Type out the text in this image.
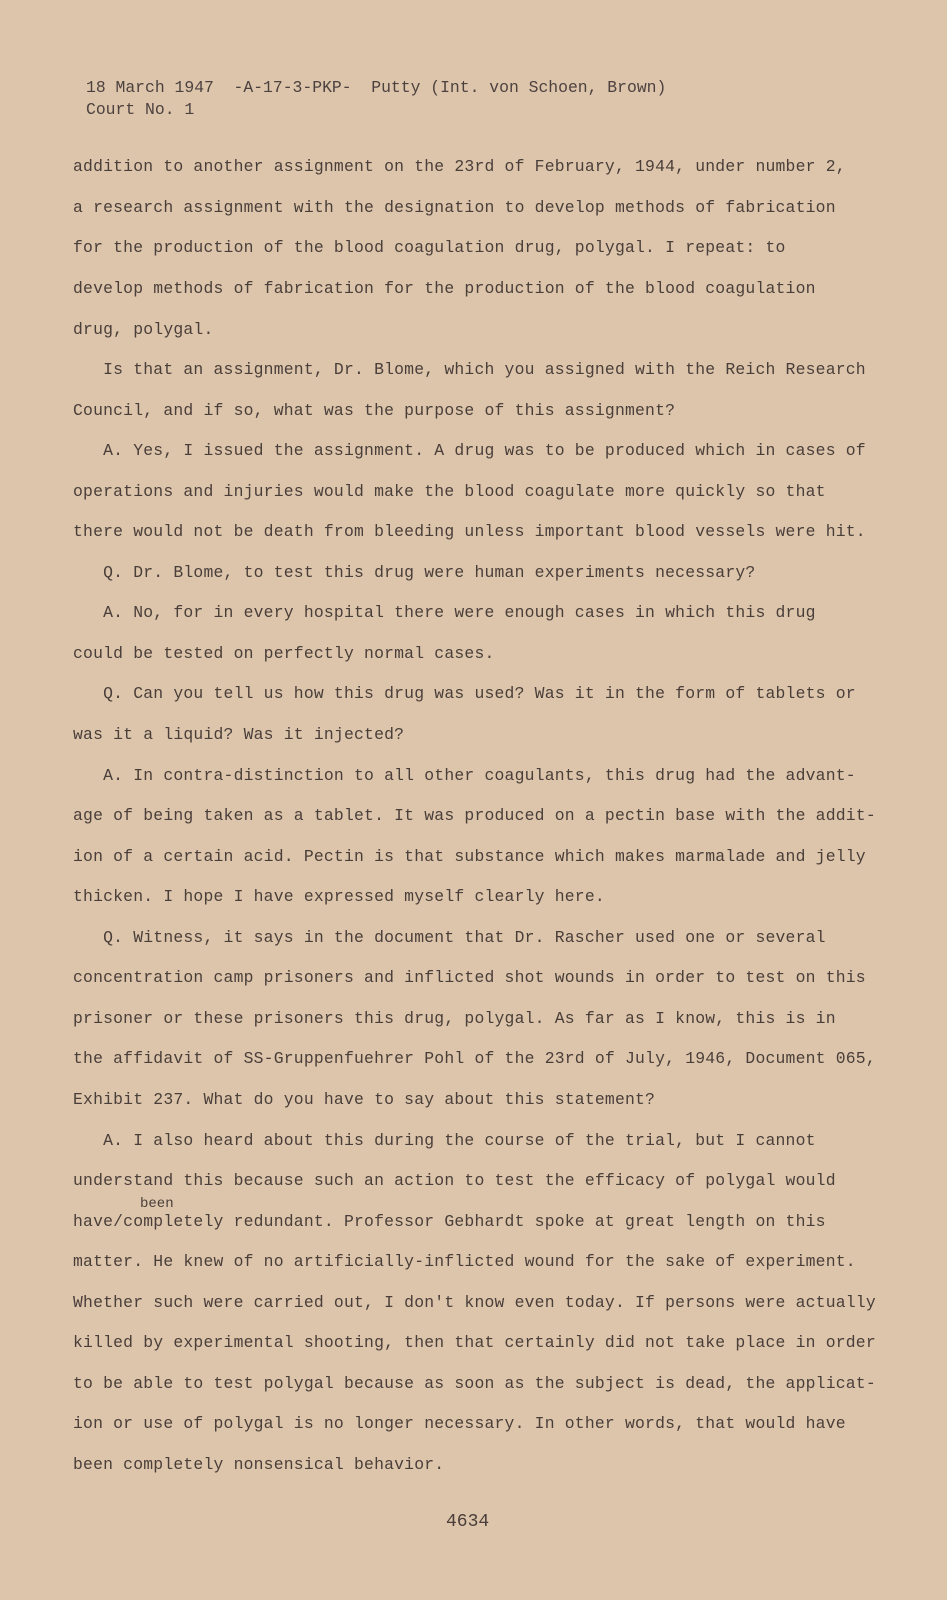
18 March 1947  -A-17-3-PKP-  Putty (Int. von Schoen, Brown)
Court No. 1
addition to another assignment on the 23rd of February, 1944, under number 2,
a research assignment with the designation to develop methods of fabrication
for the production of the blood coagulation drug, polygal. I repeat: to
develop methods of fabrication for the production of the blood coagulation
drug, polygal.
Is that an assignment, Dr. Blome, which you assigned with the Reich Research
Council, and if so, what was the purpose of this assignment?
A. Yes, I issued the assignment. A drug was to be produced which in cases of
operations and injuries would make the blood coagulate more quickly so that
there would not be death from bleeding unless important blood vessels were hit.
Q. Dr. Blome, to test this drug were human experiments necessary?
A. No, for in every hospital there were enough cases in which this drug
could be tested on perfectly normal cases.
Q. Can you tell us how this drug was used? Was it in the form of tablets or
was it a liquid? Was it injected?
A. In contra-distinction to all other coagulants, this drug had the advant-
age of being taken as a tablet. It was produced on a pectin base with the addit-
ion of a certain acid. Pectin is that substance which makes marmalade and jelly
thicken. I hope I have expressed myself clearly here.
Q. Witness, it says in the document that Dr. Rascher used one or several
concentration camp prisoners and inflicted shot wounds in order to test on this
prisoner or these prisoners this drug, polygal. As far as I know, this is in
the affidavit of SS-Gruppenfuehrer Pohl of the 23rd of July, 1946, Document 065,
Exhibit 237. What do you have to say about this statement?
A. I also heard about this during the course of the trial, but I cannot
understand this because such an action to test the efficacy of polygal would
been
have/completely redundant. Professor Gebhardt spoke at great length on this
matter. He knew of no artificially-inflicted wound for the sake of experiment.
Whether such were carried out, I don't know even today. If persons were actually
killed by experimental shooting, then that certainly did not take place in order
to be able to test polygal because as soon as the subject is dead, the applicat-
ion or use of polygal is no longer necessary. In other words, that would have
been completely nonsensical behavior.
4634
